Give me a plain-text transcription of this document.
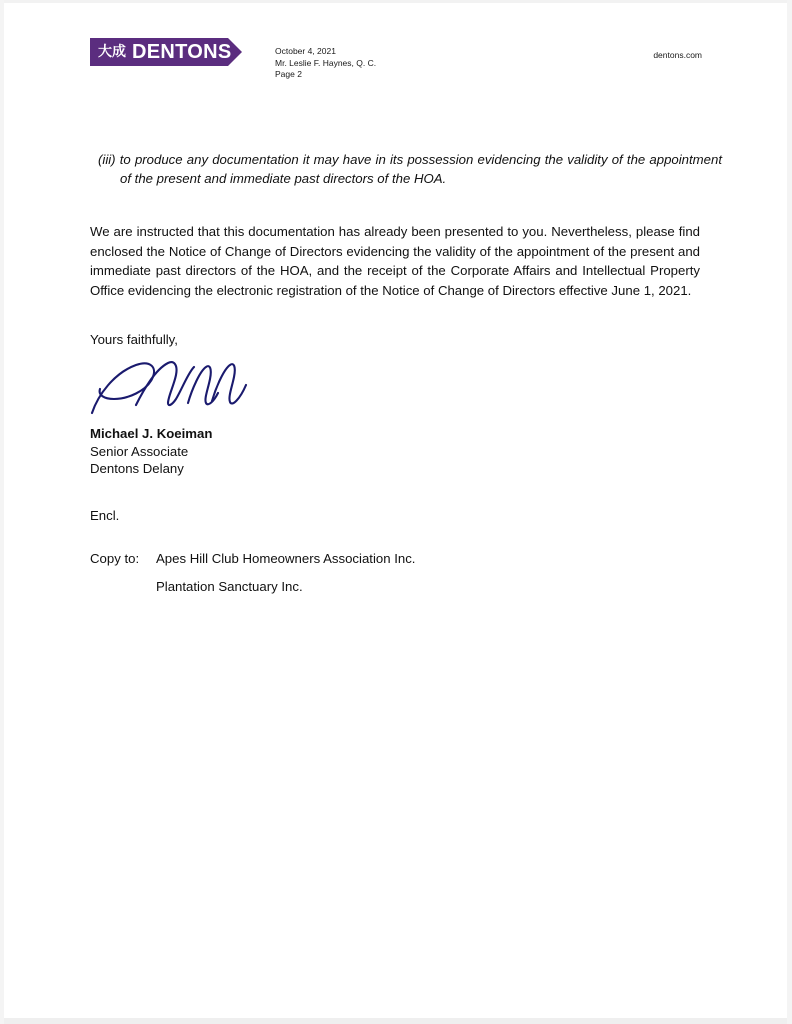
大成 DENTONS	October 4, 2021
Mr. Leslie F. Haynes, Q. C.
Page 2
dentons.com

(iii) to produce any documentation it may have in its possession evidencing the validity of the appointment of the present and immediate past directors of the HOA.

We are instructed that this documentation has already been presented to you. Nevertheless, please find enclosed the Notice of Change of Directors evidencing the validity of the appointment of the present and immediate past directors of the HOA, and the receipt of the Corporate Affairs and Intellectual Property Office evidencing the electronic registration of the Notice of Change of Directors effective June 1, 2021.

Yours faithfully,

Michael J. Koeiman

Senior Associate

Dentons Delany

Encl.

Copy to: Apes Hill Club Homeowners Association Inc.
Plantation Sanctuary Inc.
